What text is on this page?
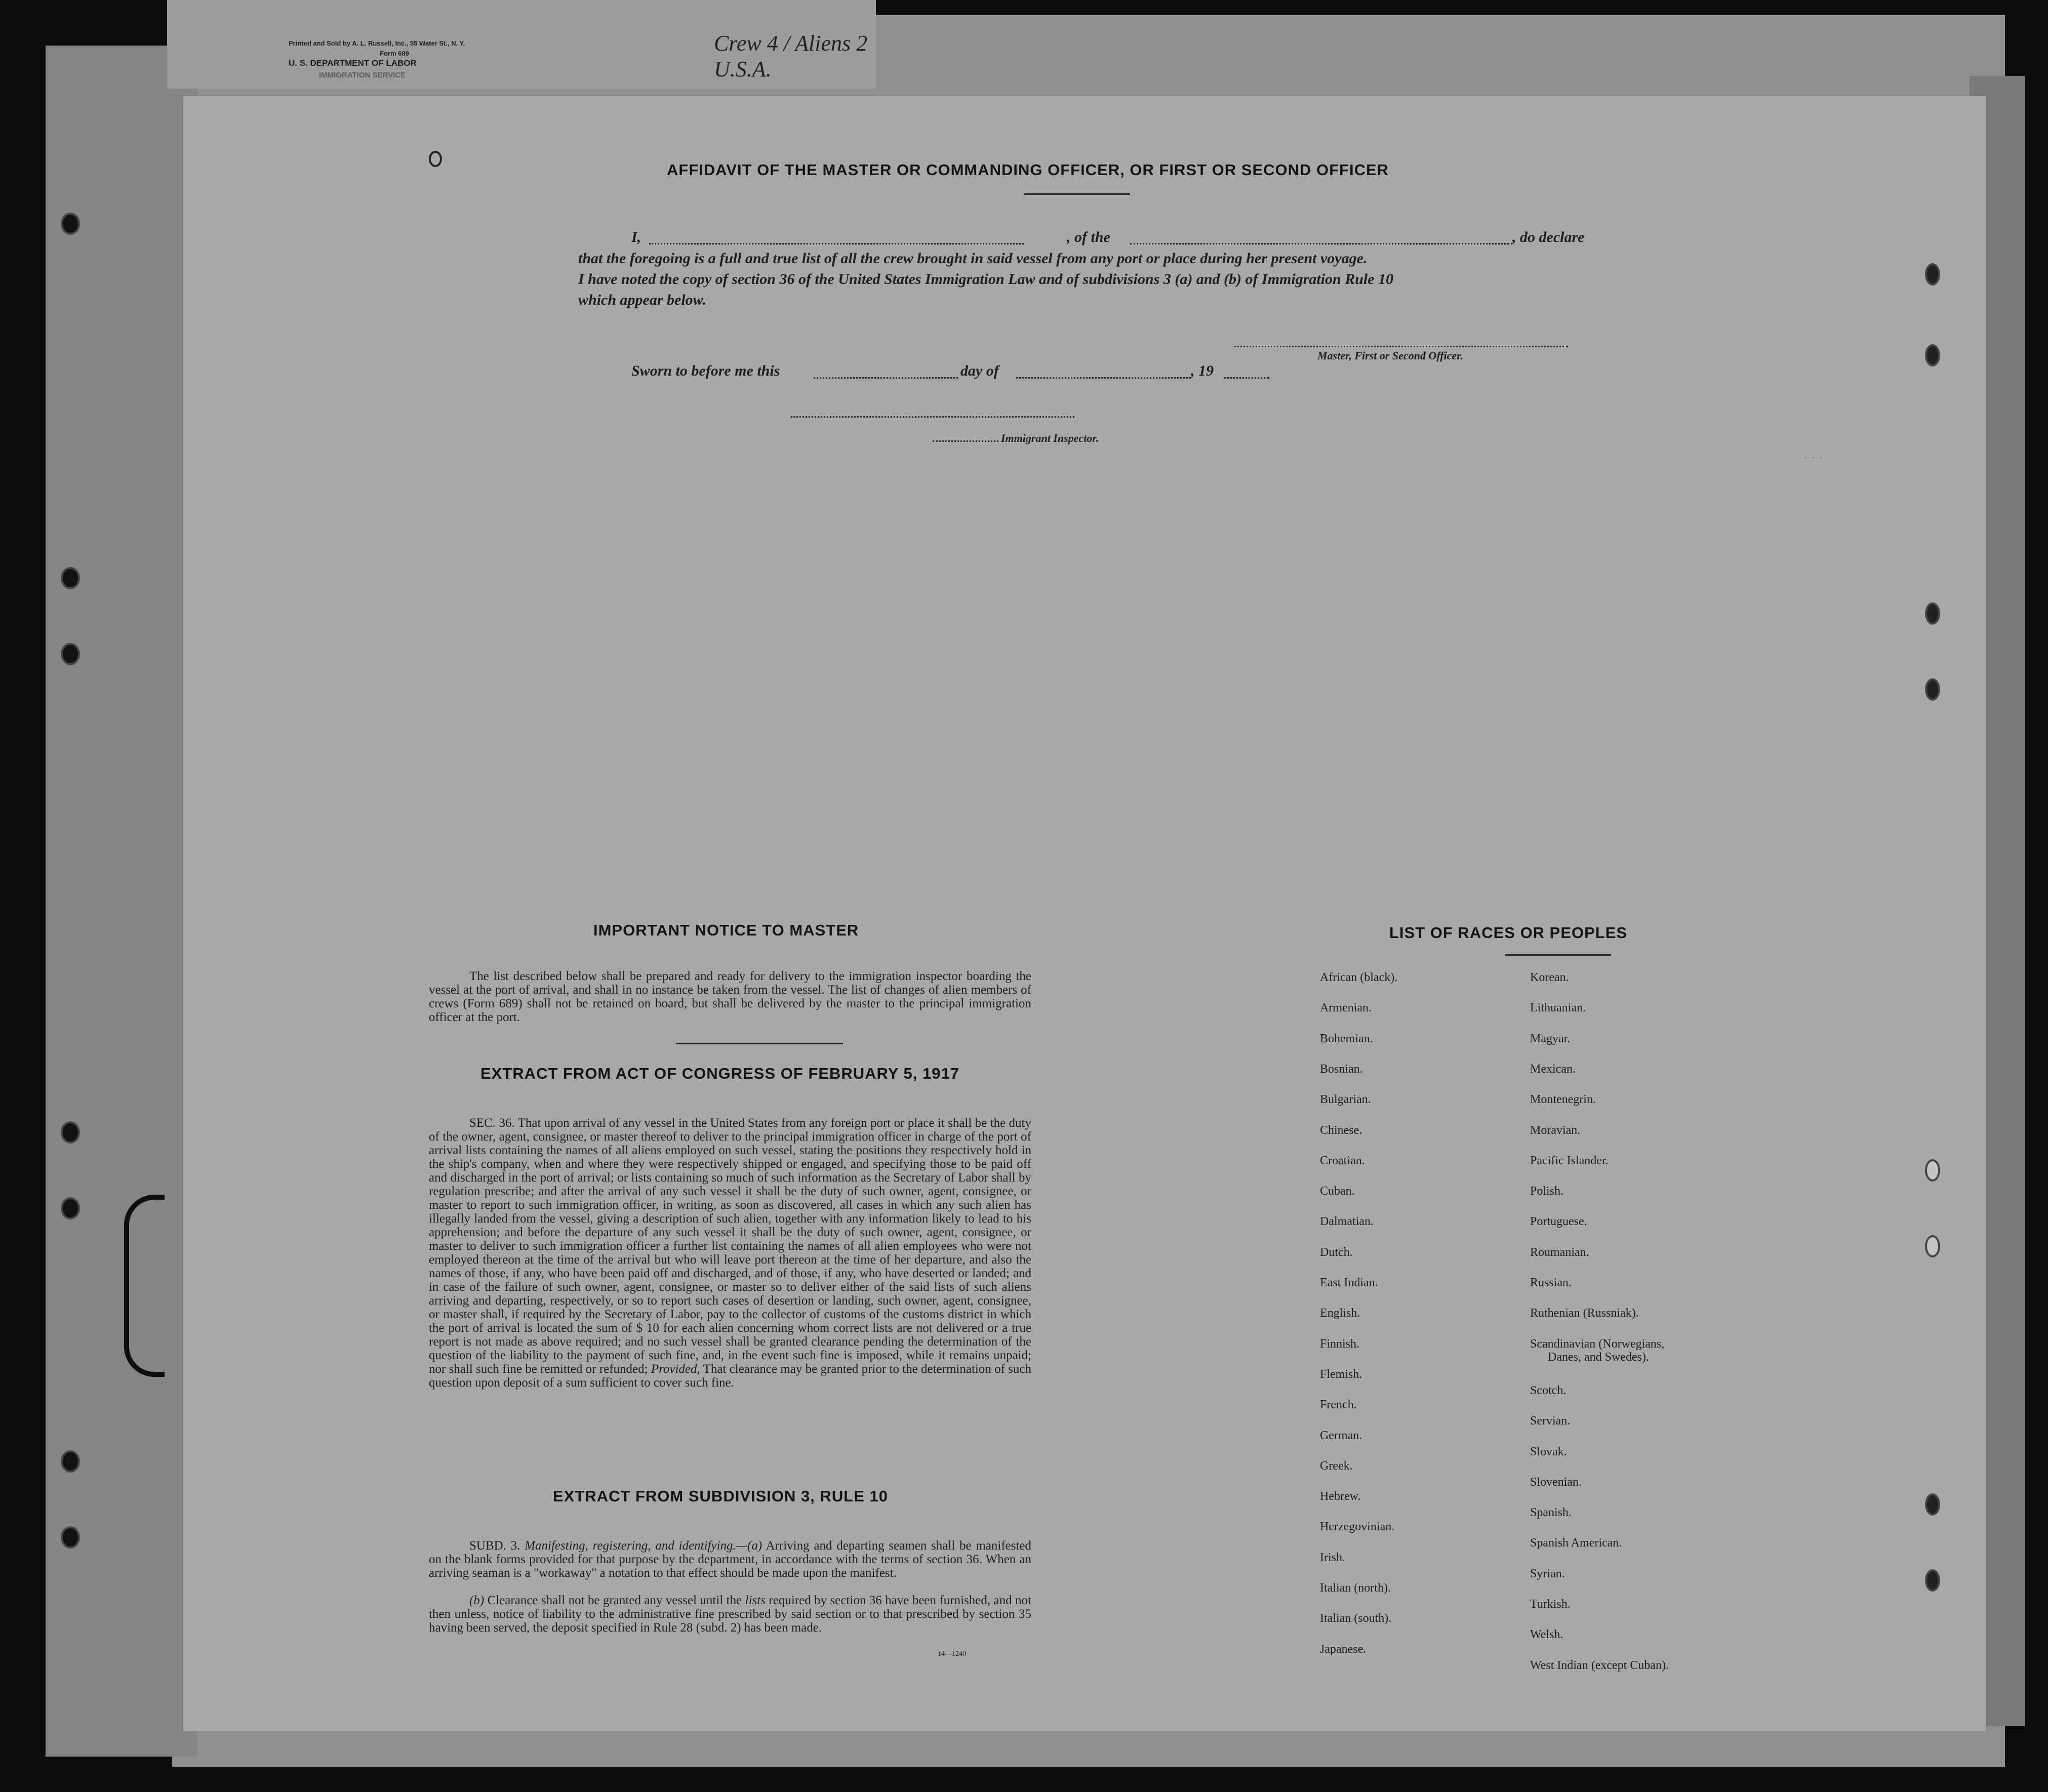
Printed and Sold by A. L. Russell, Inc., 55 Water St., N. Y.
Form 689
U. S. DEPARTMENT OF LABOR
IMMIGRATION SERVICE
Crew 4 / Aliens 2 U.S.A.
AFFIDAVIT OF THE MASTER OR COMMANDING OFFICER, OR FIRST OR SECOND OFFICER
I,	, of the	, do declare
that the foregoing is a full and true list of all the crew brought in said vessel from any port or place during her present voyage.
I have noted the copy of section 36 of the United States Immigration Law and of subdivisions 3 (a) and (b) of Immigration Rule 10
which appear below.
Master, First or Second Officer.
Sworn to before me this	day of	, 19
Immigrant Inspector.
· · ·
IMPORTANT NOTICE TO MASTER
The list described below shall be prepared and ready for delivery to the immigration inspector boarding the vessel at the port of arrival, and shall in no instance be taken from the vessel. The list of changes of alien members of crews (Form 689) shall not be retained on board, but shall be delivered by the master to the principal immigration officer at the port.
EXTRACT FROM ACT OF CONGRESS OF FEBRUARY 5, 1917
SEC. 36. That upon arrival of any vessel in the United States from any foreign port or place it shall be the duty of the owner, agent, consignee, or master thereof to deliver to the principal immigration officer in charge of the port of arrival lists containing the names of all aliens employed on such vessel, stating the positions they respectively hold in the ship's company, when and where they were respectively shipped or engaged, and specifying those to be paid off and discharged in the port of arrival; or lists containing so much of such information as the Secretary of Labor shall by regulation prescribe; and after the arrival of any such vessel it shall be the duty of such owner, agent, consignee, or master to report to such immigration officer, in writing, as soon as discovered, all cases in which any such alien has illegally landed from the vessel, giving a description of such alien, together with any information likely to lead to his apprehension; and before the departure of any such vessel it shall be the duty of such owner, agent, consignee, or master to deliver to such immigration officer a further list containing the names of all alien employees who were not employed thereon at the time of the arrival but who will leave port thereon at the time of her departure, and also the names of those, if any, who have been paid off and discharged, and of those, if any, who have deserted or landed; and in case of the failure of such owner, agent, consignee, or master so to deliver either of the said lists of such aliens arriving and departing, respectively, or so to report such cases of desertion or landing, such owner, agent, consignee, or master shall, if required by the Secretary of Labor, pay to the collector of customs of the customs district in which the port of arrival is located the sum of $ 10 for each alien concerning whom correct lists are not delivered or a true report is not made as above required; and no such vessel shall be granted clearance pending the determination of the question of the liability to the payment of such fine, and, in the event such fine is imposed, while it remains unpaid; nor shall such fine be remitted or refunded; Provided, That clearance may be granted prior to the determination of such question upon deposit of a sum sufficient to cover such fine.
EXTRACT FROM SUBDIVISION 3, RULE 10
SUBD. 3. Manifesting, registering, and identifying.—(a) Arriving and departing seamen shall be manifested on the blank forms provided for that purpose by the department, in accordance with the terms of section 36. When an arriving seaman is a "workaway" a notation to that effect should be made upon the manifest.
(b) Clearance shall not be granted any vessel until the lists required by section 36 have been furnished, and not then unless, notice of liability to the administrative fine prescribed by said section or to that prescribed by section 35 having been served, the deposit specified in Rule 28 (subd. 2) has been made.
14—1240
LIST OF RACES OR PEOPLES
African (black).
Armenian.
Bohemian.
Bosnian.
Bulgarian.
Chinese.
Croatian.
Cuban.
Dalmatian.
Dutch.
East Indian.
English.
Finnish.
Flemish.
French.
German.
Greek.
Hebrew.
Herzegovinian.
Irish.
Italian (north).
Italian (south).
Japanese.
Korean.
Lithuanian.
Magyar.
Mexican.
Montenegrin.
Moravian.
Pacific Islander.
Polish.
Portuguese.
Roumanian.
Russian.
Ruthenian (Russniak).
Scandinavian (Norwegians,
Danes, and Swedes).
Scotch.
Servian.
Slovak.
Slovenian.
Spanish.
Spanish American.
Syrian.
Turkish.
Welsh.
West Indian (except Cuban).
